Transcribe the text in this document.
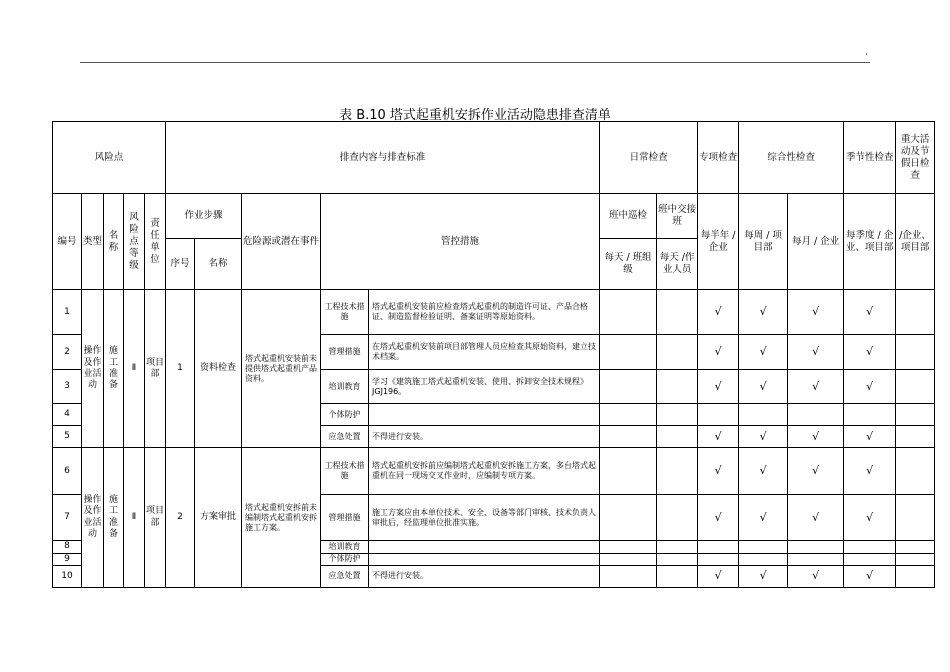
·
表 B.10 塔式起重机安拆作业活动隐患排查清单
风险点					排查内容与排查标准					日常检查		专项检查	综合性检查		季节性检查	重大活动及节假日检查		
编号	类型	名称	风险点等级	责任单位	作业步骤		危险源或潜在事件	管控措施		班中巡检	班中交接班	每半年 / 企业	每周 / 项目部	每月 / 企业	每季度 / 企业、项目部	/企业、项目部		
					序号	名称				每天 / 班组级	每天 /作业人员						
1	操作及作业活动	施工准备	Ⅱ	项目部	1	资料检查	塔式起重机安装前未提供塔式起重机产品资料。	工程技术措施	塔式起重机安装前应检查塔式起重机的制造许可证、产品合格证、制造监督检验证明、备案证明等原始资料。			√	√	√	√			
2								管理措施	在塔式起重机安装前项目部管理人员应检查其原始资料，建立技术档案。			√	√	√	√			
3								培训教育	学习《建筑施工塔式起重机安装、使用、拆卸安全技术规程》JGJ196。			√	√	√	√			
4								个体防护										
5								应急处置	不得进行安装。			√	√	√	√			
6	操作及作业活动	施工准备	Ⅱ	项目部	2	方案审批	塔式起重机安拆前未编制塔式起重机安拆施工方案。	工程技术措施	塔式起重机安拆前应编制塔式起重机安拆施工方案，多台塔式起重机在同一现场交叉作业时，应编制专项方案。			√	√	√	√			
7								管理措施	施工方案应由本单位技术、安全、设备等部门审核、技术负责人审批后，经监理单位批准实施。			√	√	√	√			
8								培训教育										
9								个体防护										
10								应急处置	不得进行安装。			√	√	√	√			
